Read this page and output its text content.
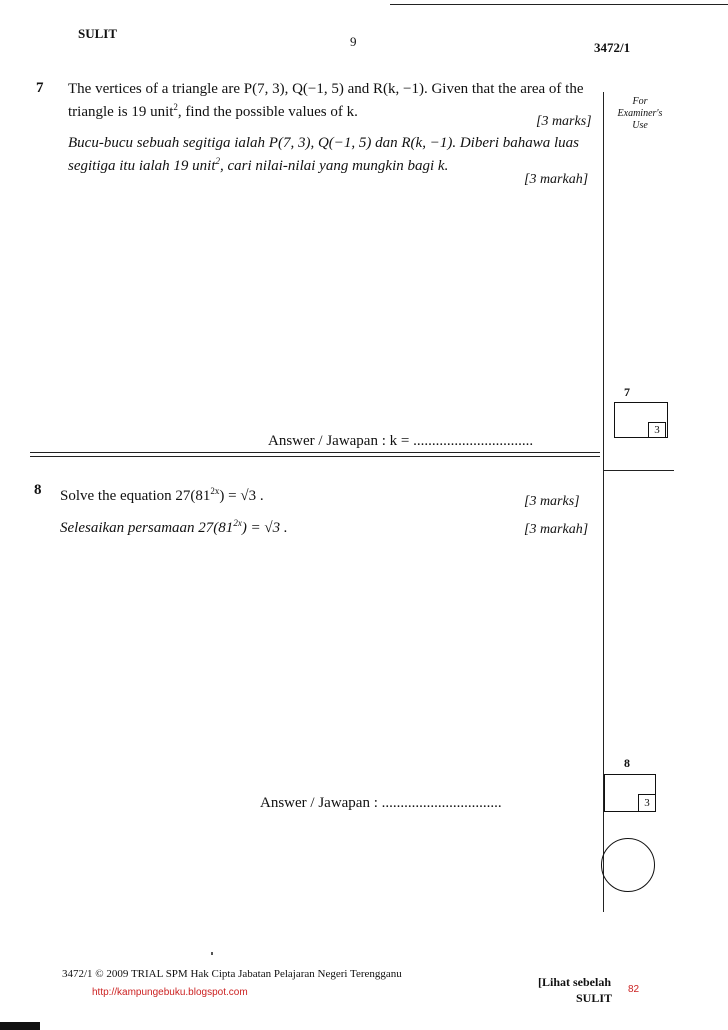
SULIT
9	3472/1
For
Examiner's
Use
7 The vertices of a triangle are P(7, 3), Q(−1, 5) and R(k, −1). Given that the area of the
triangle is 19 unit$^2$, find the possible values of k.
[3 marks]
Bucu-bucu sebuah segitiga ialah P(7, 3), Q(−1, 5) dan R(k, −1). Diberi bahawa luas
segitiga itu ialah 19 unit$^2$, cari nilai-nilai yang mungkin bagi k.
[3 markah]
Answer / Jawapan : k = ................................
7
3
8 Solve the equation $27(81^{2x}) = √3$ .	[3 marks]
Selesaikan persamaan $27(81^{2x}) = √3$ .	[3 markah]
Answer / Jawapan : ................................
8
3
3472/1 © 2009 TRIAL SPM Hak Cipta Jabatan Pelajaran Negeri Terengganu
http://kampungebuku.blogspot.com
[Lihat sebelah
SULIT
82
